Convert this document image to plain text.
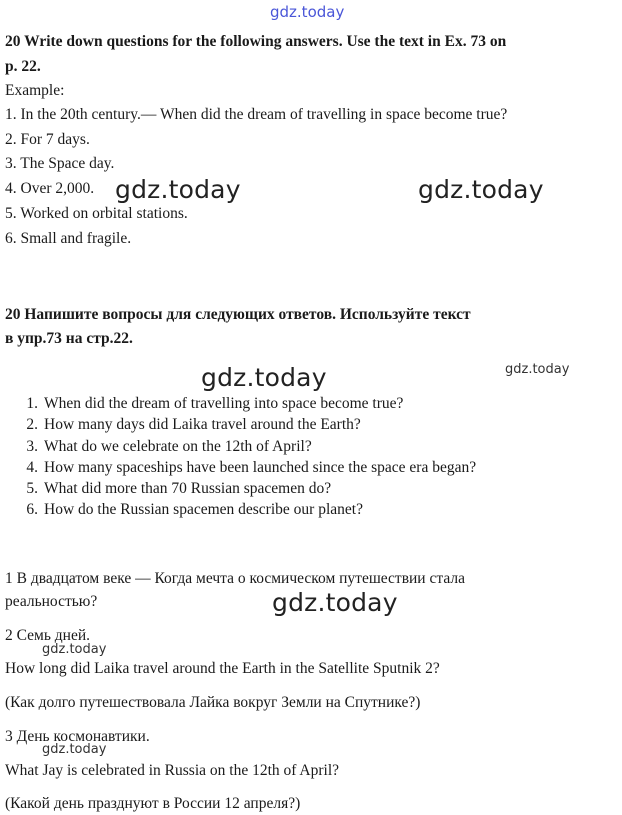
gdz.today
gdz.today	gdz.today
gdz.today	gdz.today
gdz.today
gdz.today
gdz.today
20 Write down questions for the following answers. Use the text in Ex. 73 on
p. 22.
Example:
1. In the 20th century.— When did the dream of travelling in space become true?
2. For 7 days.
3. The Space day.
4. Over 2,000.
5. Worked on orbital stations.
6. Small and fragile.
20 Напишите вопросы для следующих ответов. Используйте текст
в упр.73 на стр.22.
1. When did the dream of travelling into space become true?
2. How many days did Laika travel around the Earth?
3. What do we celebrate on the 12th of April?
4. How many spaceships have been launched since the space era began?
5. What did more than 70 Russian spacemen do?
6. How do the Russian spacemen describe our planet?
1 В двадцатом веке — Когда мечта о космическом путешествии стала
реальностью?
2 Семь дней.
How long did Laika travel around the Earth in the Satellite Sputnik 2?
(Как долго путешествовала Лайка вокруг Земли на Спутнике?)
3 День космонавтики.
What Jay is celebrated in Russia on the 12th of April?
(Какой день празднуют в России 12 апреля?)
